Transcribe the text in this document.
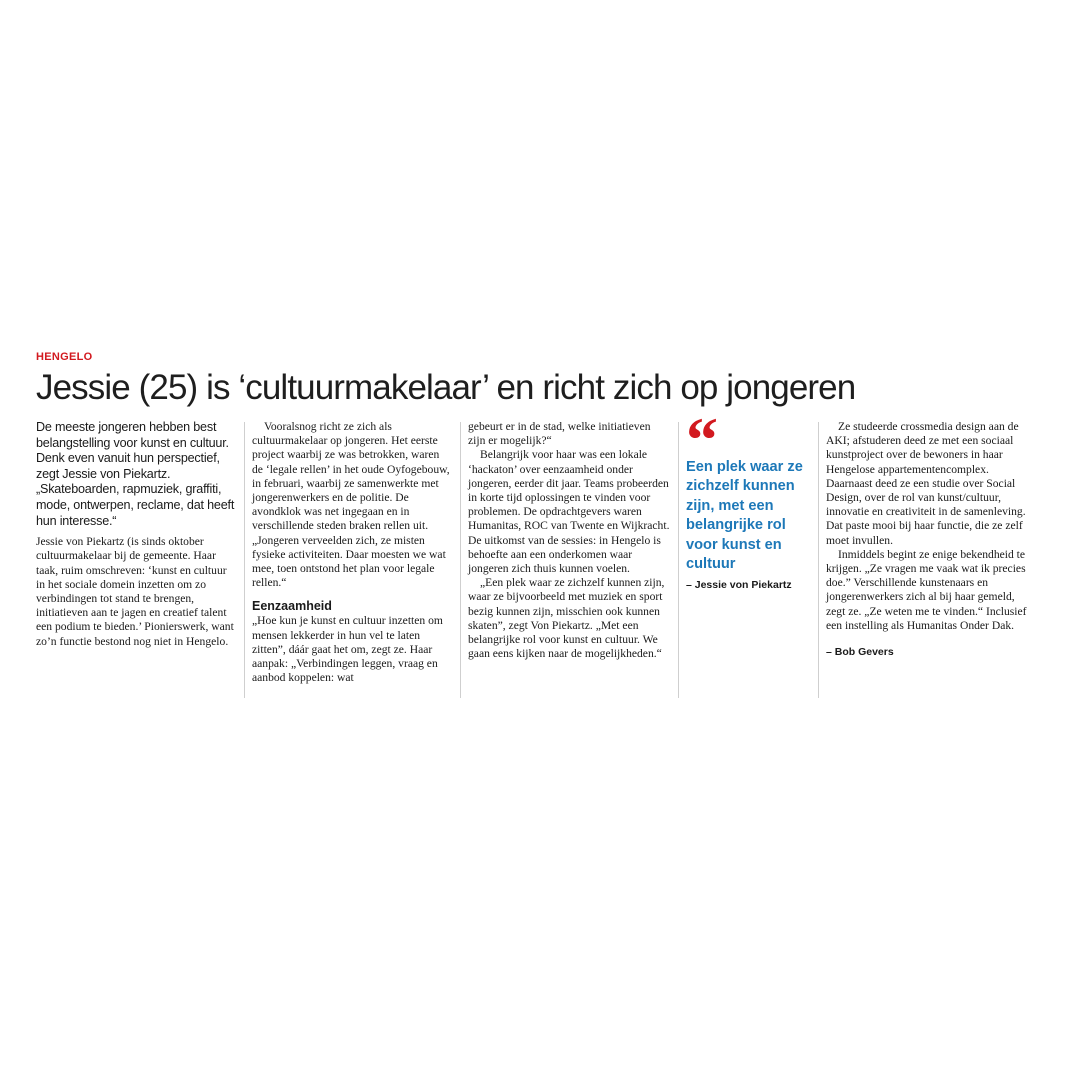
HENGELO
Jessie (25) is ‘cultuurmakelaar’ en richt zich op jongeren

De meeste jongeren hebben best belangstelling voor kunst en cultuur. Denk even vanuit hun perspectief, zegt Jessie von Piekartz. „Skateboarden, rapmuziek, graffiti, mode, ontwerpen, reclame, dat heeft hun interesse.“

Jessie von Piekartz (is sinds oktober cultuurmakelaar bij de gemeente. Haar taak, ruim omschreven: ‘kunst en cultuur in het sociale domein inzetten om zo verbindingen tot stand te brengen, initiatieven aan te jagen en creatief talent een podium te bieden.’ Pionierswerk, want zo’n functie bestond nog niet in Hengelo.

Vooralsnog richt ze zich als cultuurmakelaar op jongeren. Het eerste project waarbij ze was betrokken, waren de ‘legale rellen’ in het oude Oyfogebouw, in februari, waarbij ze samenwerkte met jongerenwerkers en de politie. De avondklok was net ingegaan en in verschillende steden braken rellen uit. „Jongeren verveelden zich, ze misten fysieke activiteiten. Daar moesten we wat mee, toen ontstond het plan voor legale rellen.“

Eenzaamheid

„Hoe kun je kunst en cultuur inzetten om mensen lekkerder in hun vel te laten zitten”, dáár gaat het om, zegt ze. Haar aanpak: „Verbindingen leggen, vraag en aanbod koppelen: wat

gebeurt er in de stad, welke initiatieven zijn er mogelijk?“

Belangrijk voor haar was een lokale ‘hackaton’ over eenzaamheid onder jongeren, eerder dit jaar. Teams probeerden in korte tijd oplossingen te vinden voor problemen. De opdrachtgevers waren Humanitas, ROC van Twente en Wijkracht. De uitkomst van de sessies: in Hengelo is behoefte aan een onderkomen waar jongeren zich thuis kunnen voelen.

„Een plek waar ze zichzelf kunnen zijn, waar ze bijvoorbeeld met muziek en sport bezig kunnen zijn, misschien ook kunnen skaten”, zegt Von Piekartz. „Met een belangrijke rol voor kunst en cultuur. We gaan eens kijken naar de mogelijkheden.“

“
Een plek waar ze zichzelf kunnen zijn, met een belangrijke rol voor kunst en cultuur
– Jessie von Piekartz

Ze studeerde crossmedia design aan de AKI; afstuderen deed ze met een sociaal kunstproject over de bewoners in haar Hengelose appartementencomplex. Daarnaast deed ze een studie over Social Design, over de rol van kunst/cultuur, innovatie en creativiteit in de samenleving. Dat paste mooi bij haar functie, die ze zelf moet invullen.

Inmiddels begint ze enige bekendheid te krijgen. „Ze vragen me vaak wat ik precies doe.” Verschillende kunstenaars en jongerenwerkers zich al bij haar gemeld, zegt ze. „Ze weten me te vinden.“ Inclusief een instelling als Humanitas Onder Dak.

– Bob Gevers
